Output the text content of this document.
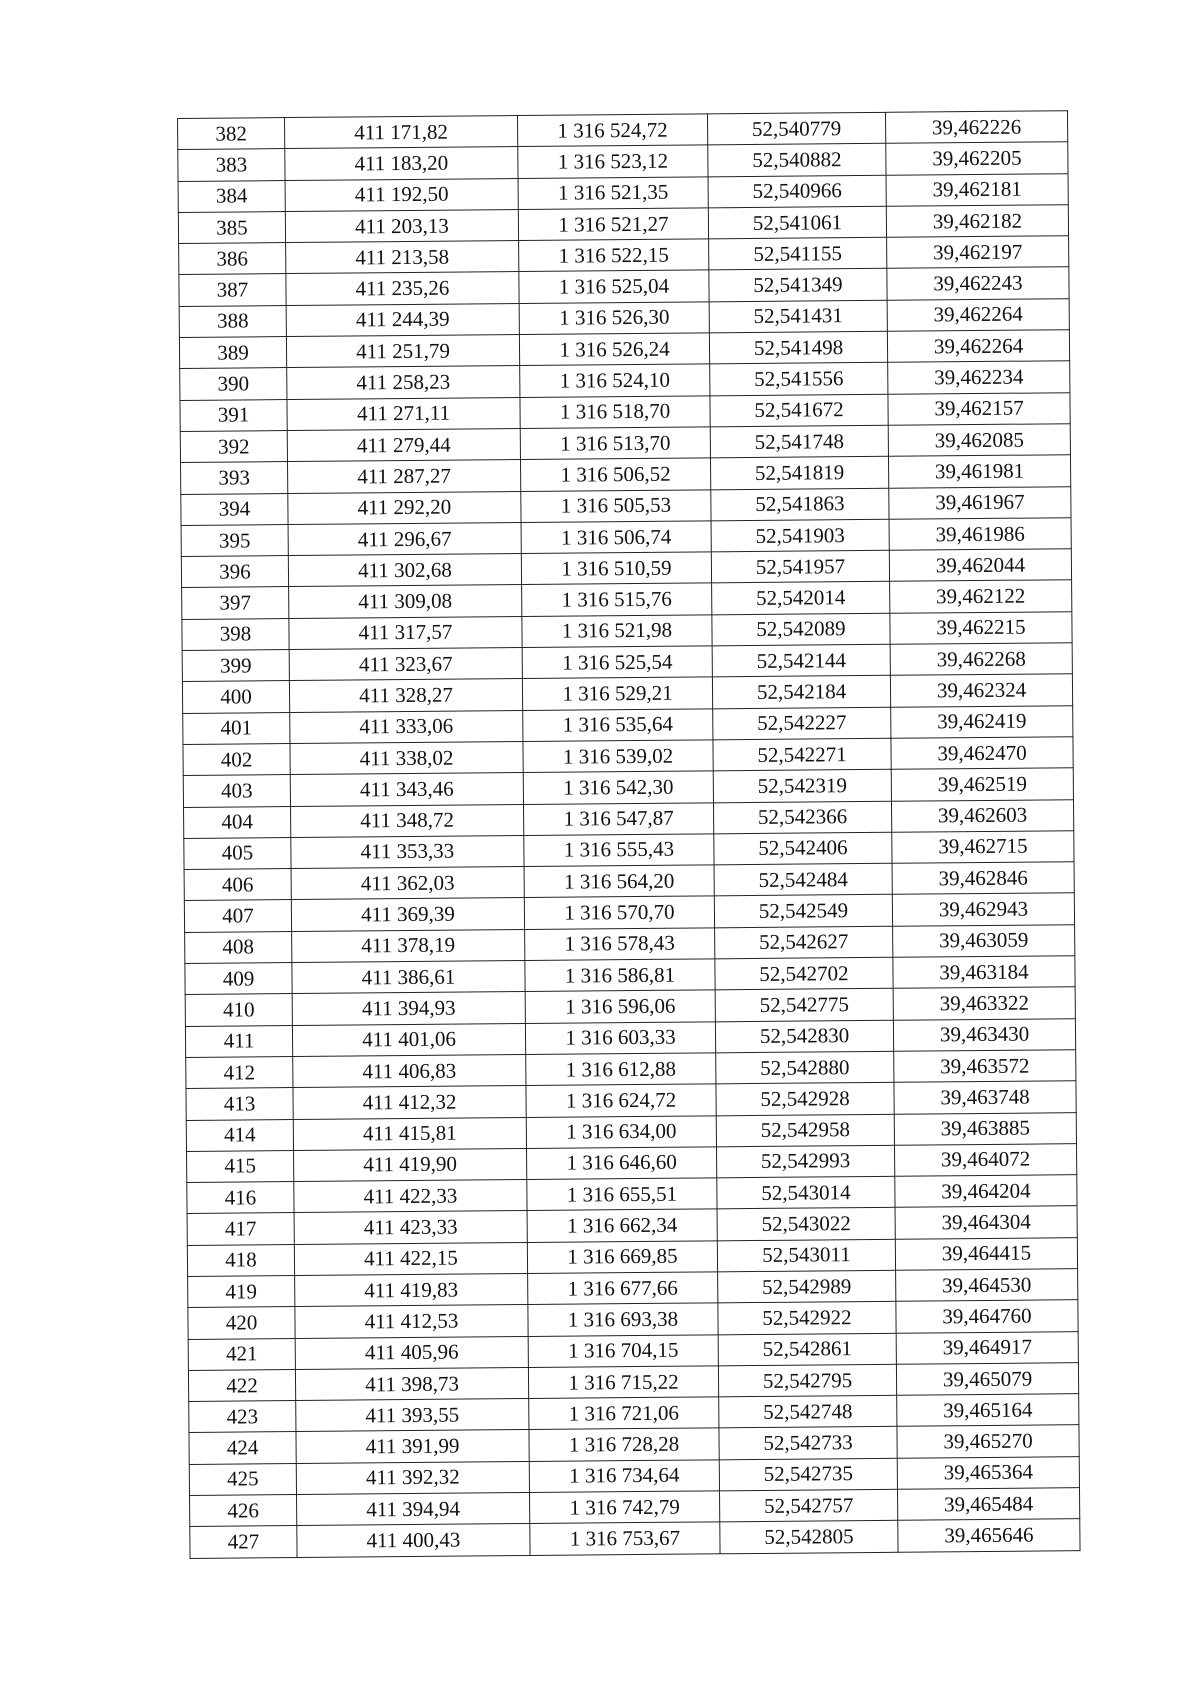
382	411 171,82	1 316 524,72	52,540779	39,462226
383	411 183,20	1 316 523,12	52,540882	39,462205
384	411 192,50	1 316 521,35	52,540966	39,462181
385	411 203,13	1 316 521,27	52,541061	39,462182
386	411 213,58	1 316 522,15	52,541155	39,462197
387	411 235,26	1 316 525,04	52,541349	39,462243
388	411 244,39	1 316 526,30	52,541431	39,462264
389	411 251,79	1 316 526,24	52,541498	39,462264
390	411 258,23	1 316 524,10	52,541556	39,462234
391	411 271,11	1 316 518,70	52,541672	39,462157
392	411 279,44	1 316 513,70	52,541748	39,462085
393	411 287,27	1 316 506,52	52,541819	39,461981
394	411 292,20	1 316 505,53	52,541863	39,461967
395	411 296,67	1 316 506,74	52,541903	39,461986
396	411 302,68	1 316 510,59	52,541957	39,462044
397	411 309,08	1 316 515,76	52,542014	39,462122
398	411 317,57	1 316 521,98	52,542089	39,462215
399	411 323,67	1 316 525,54	52,542144	39,462268
400	411 328,27	1 316 529,21	52,542184	39,462324
401	411 333,06	1 316 535,64	52,542227	39,462419
402	411 338,02	1 316 539,02	52,542271	39,462470
403	411 343,46	1 316 542,30	52,542319	39,462519
404	411 348,72	1 316 547,87	52,542366	39,462603
405	411 353,33	1 316 555,43	52,542406	39,462715
406	411 362,03	1 316 564,20	52,542484	39,462846
407	411 369,39	1 316 570,70	52,542549	39,462943
408	411 378,19	1 316 578,43	52,542627	39,463059
409	411 386,61	1 316 586,81	52,542702	39,463184
410	411 394,93	1 316 596,06	52,542775	39,463322
411	411 401,06	1 316 603,33	52,542830	39,463430
412	411 406,83	1 316 612,88	52,542880	39,463572
413	411 412,32	1 316 624,72	52,542928	39,463748
414	411 415,81	1 316 634,00	52,542958	39,463885
415	411 419,90	1 316 646,60	52,542993	39,464072
416	411 422,33	1 316 655,51	52,543014	39,464204
417	411 423,33	1 316 662,34	52,543022	39,464304
418	411 422,15	1 316 669,85	52,543011	39,464415
419	411 419,83	1 316 677,66	52,542989	39,464530
420	411 412,53	1 316 693,38	52,542922	39,464760
421	411 405,96	1 316 704,15	52,542861	39,464917
422	411 398,73	1 316 715,22	52,542795	39,465079
423	411 393,55	1 316 721,06	52,542748	39,465164
424	411 391,99	1 316 728,28	52,542733	39,465270
425	411 392,32	1 316 734,64	52,542735	39,465364
426	411 394,94	1 316 742,79	52,542757	39,465484
427	411 400,43	1 316 753,67	52,542805	39,465646
